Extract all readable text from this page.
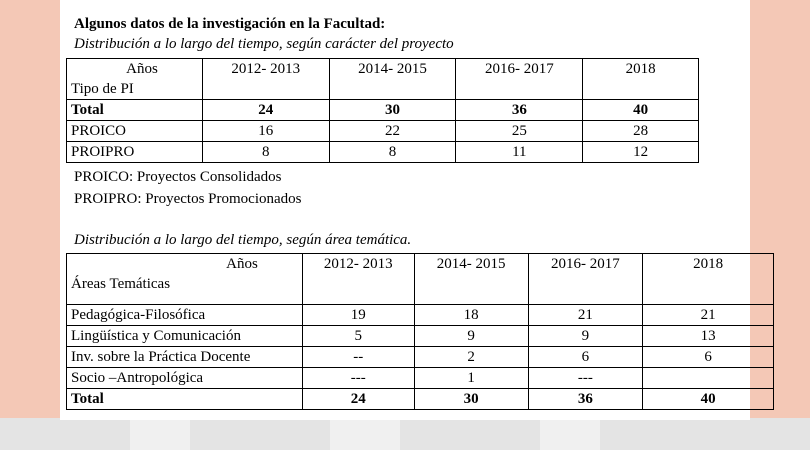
Algunos datos de la investigación en la Facultad:
Distribución a lo largo del tiempo, según carácter del proyecto
Años
Tipo de PI	2012- 2013	2014- 2015	2016- 2017	2018
Total	24	30	36	40
PROICO	16	22	25	28
PROIPRO	8	8	11	12
PROICO: Proyectos Consolidados
PROIPRO: Proyectos Promocionados
Distribución a lo largo del tiempo, según área temática.
Años
Áreas Temáticas	2012- 2013	2014- 2015	2016- 2017	2018
Pedagógica-Filosófica	19	18	21	21
Lingüística y Comunicación	5	9	9	13
Inv. sobre la Práctica Docente	--	2	6	6
Socio –Antropológica	---	1	---	
Total	24	30	36	40
